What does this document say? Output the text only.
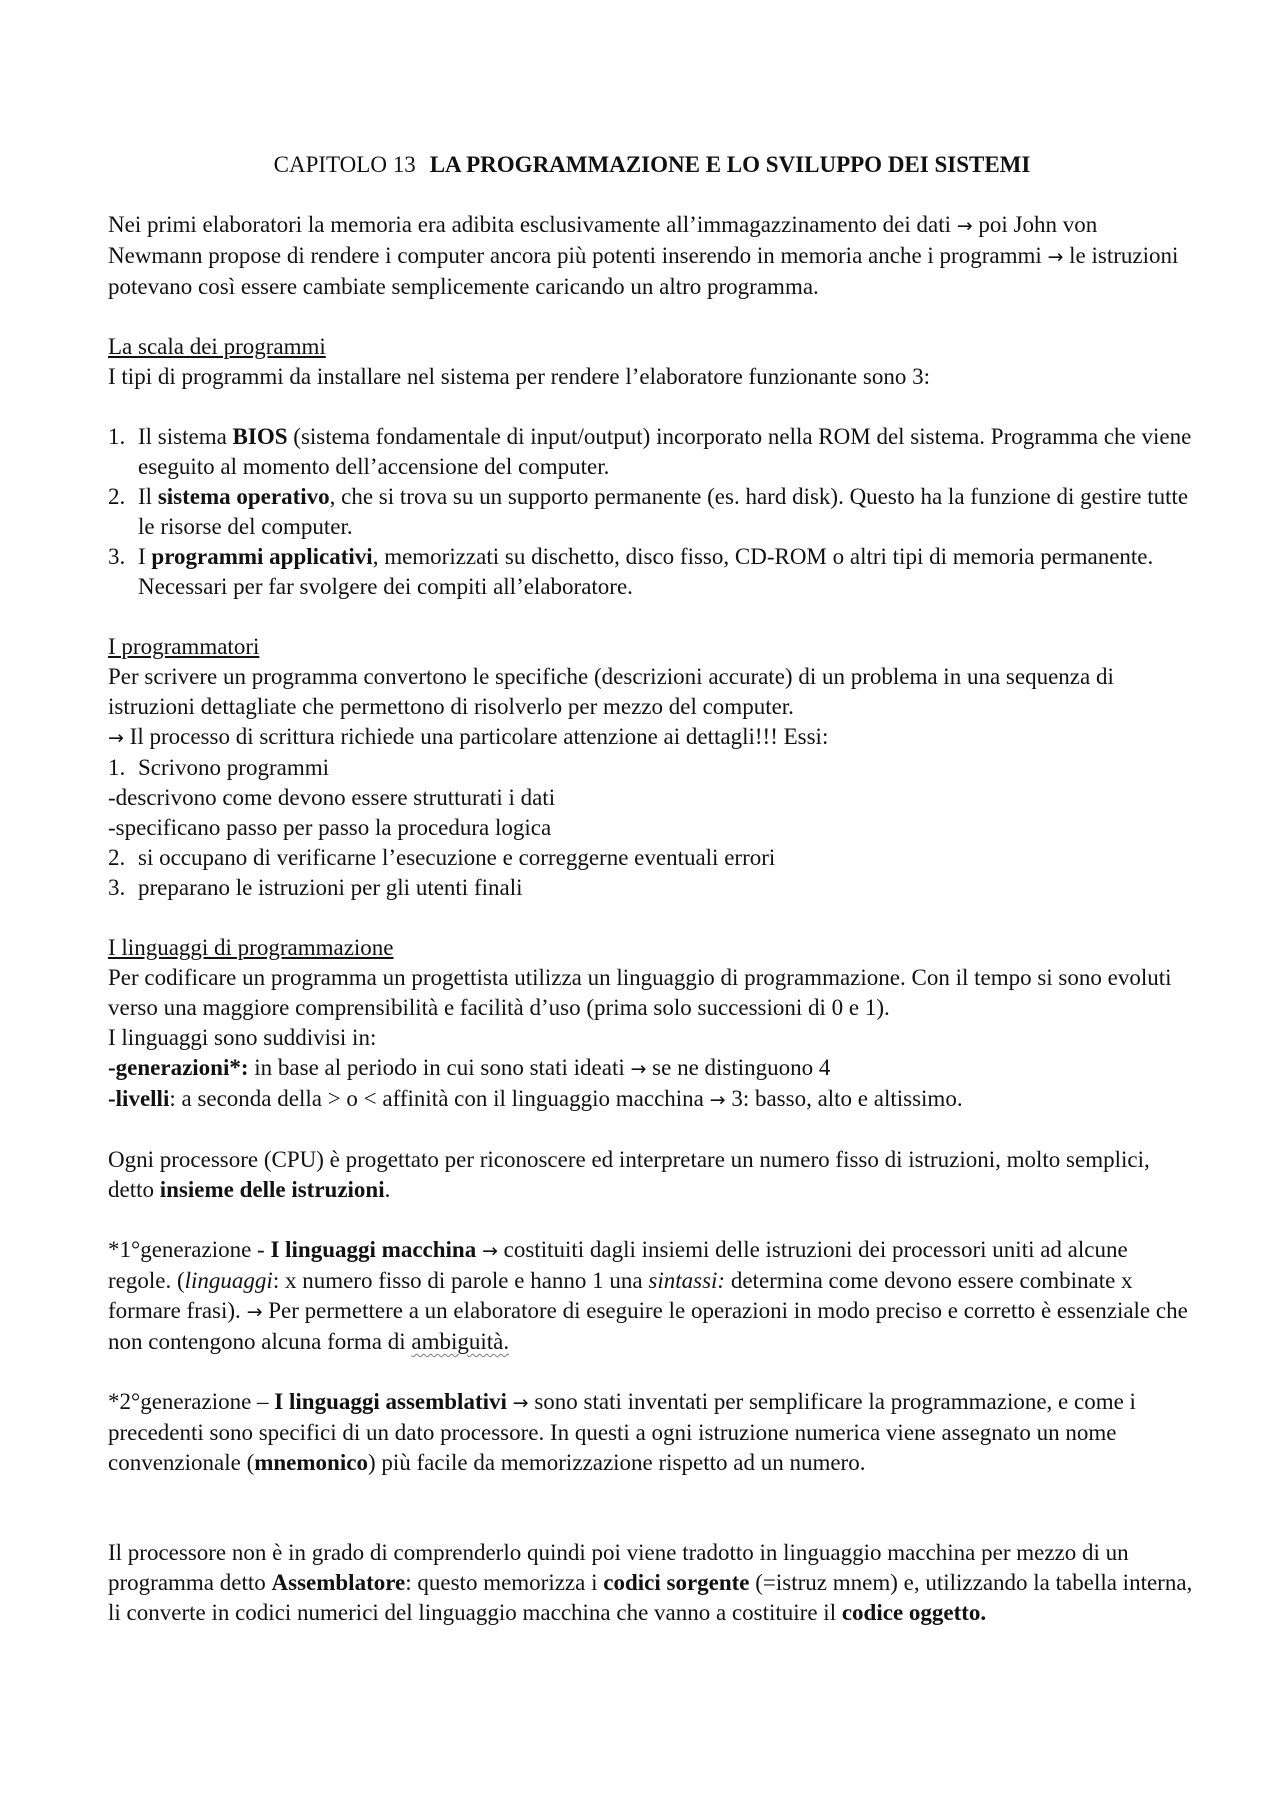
CAPITOLO 13 LA PROGRAMMAZIONE E LO SVILUPPO DEI SISTEMI

Nei primi elaboratori la memoria era adibita esclusivamente all’immagazzinamento dei dati → poi John von Newmann propose di rendere i computer ancora più potenti inserendo in memoria anche i programmi → le istruzioni potevano così essere cambiate semplicemente caricando un altro programma.

La scala dei programmi

I tipi di programmi da installare nel sistema per rendere l’elaboratore funzionante sono 3:

1. Il sistema BIOS (sistema fondamentale di input/output) incorporato nella ROM del sistema. Programma che viene eseguito al momento dell’accensione del computer.
2. Il sistema operativo, che si trova su un supporto permanente (es. hard disk). Questo ha la funzione di gestire tutte le risorse del computer.
3. I programmi applicativi, memorizzati su dischetto, disco fisso, CD-ROM o altri tipi di memoria permanente. Necessari per far svolgere dei compiti all’elaboratore.

I programmatori

Per scrivere un programma convertono le specifiche (descrizioni accurate) di un problema in una sequenza di istruzioni dettagliate che permettono di risolverlo per mezzo del computer.

→ Il processo di scrittura richiede una particolare attenzione ai dettagli!!! Essi:

1. Scrivono programmi

-descrivono come devono essere strutturati i dati

-specificano passo per passo la procedura logica

2. si occupano di verificarne l’esecuzione e correggerne eventuali errori
3. preparano le istruzioni per gli utenti finali

I linguaggi di programmazione

Per codificare un programma un progettista utilizza un linguaggio di programmazione. Con il tempo si sono evoluti verso una maggiore comprensibilità e facilità d’uso (prima solo successioni di 0 e 1).

I linguaggi sono suddivisi in:

-generazioni*: in base al periodo in cui sono stati ideati → se ne distinguono 4

-livelli: a seconda della > o < affinità con il linguaggio macchina → 3: basso, alto e altissimo.

Ogni processore (CPU) è progettato per riconoscere ed interpretare un numero fisso di istruzioni, molto semplici, detto insieme delle istruzioni.

*1°generazione - I linguaggi macchina → costituiti dagli insiemi delle istruzioni dei processori uniti ad alcune regole. (linguaggi: x numero fisso di parole e hanno 1 una sintassi: determina come devono essere combinate x formare frasi). → Per permettere a un elaboratore di eseguire le operazioni in modo preciso e corretto è essenziale che non contengono alcuna forma di ambiguità.

*2°generazione – I linguaggi assemblativi → sono stati inventati per semplificare la programmazione, e come i precedenti sono specifici di un dato processore. In questi a ogni istruzione numerica viene assegnato un nome convenzionale (mnemonico) più facile da memorizzazione rispetto ad un numero.

Il processore non è in grado di comprenderlo quindi poi viene tradotto in linguaggio macchina per mezzo di un programma detto Assemblatore: questo memorizza i codici sorgente (=istruz mnem) e, utilizzando la tabella interna, li converte in codici numerici del linguaggio macchina che vanno a costituire il codice oggetto.
